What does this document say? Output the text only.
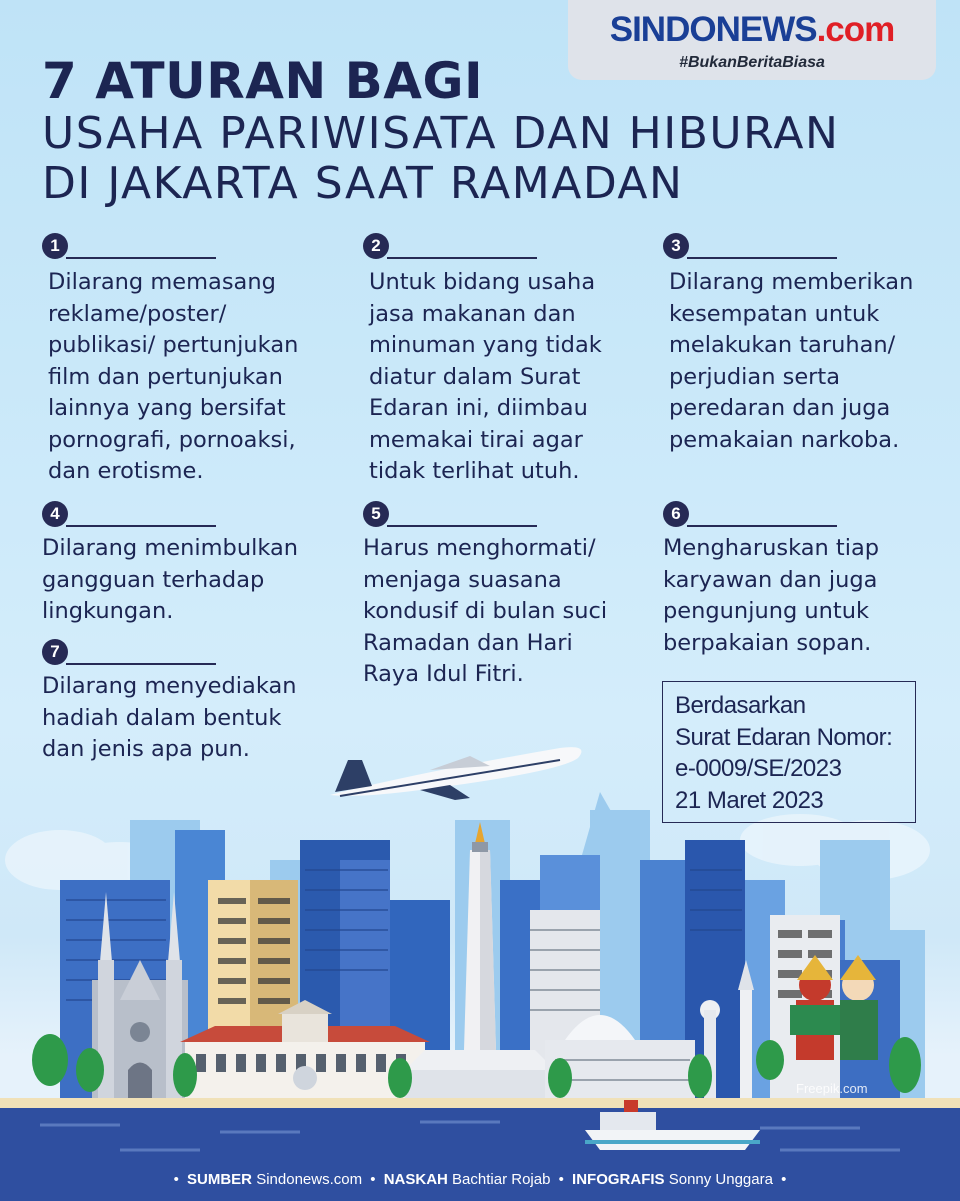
SINDONEWS.com
#BukanBeritaBiasa
7 ATURAN BAGI
USAHA PARIWISATA DAN HIBURAN
DI JAKARTA SAAT RAMADAN
1
Dilarang memasang
reklame/poster/
publikasi/ pertunjukan
film dan pertunjukan
lainnya yang bersifat
pornografi, pornoaksi,
dan erotisme.
2
Untuk bidang usaha
jasa makanan dan
minuman yang tidak
diatur dalam Surat
Edaran ini, diimbau
memakai tirai agar
tidak terlihat utuh.
3
Dilarang memberikan
kesempatan untuk
melakukan taruhan/
perjudian serta
peredaran dan juga
pemakaian narkoba.
4
Dilarang menimbulkan
gangguan terhadap
lingkungan.
5
Harus menghormati/
menjaga suasana
kondusif di bulan suci
Ramadan dan Hari
Raya Idul Fitri.
6
Mengharuskan tiap
karyawan dan juga
pengunjung untuk
berpakaian sopan.
7
Dilarang menyediakan
hadiah dalam bentuk
dan jenis apa pun.
Berdasarkan
Surat Edaran Nomor:
e-0009/SE/2023
21 Maret 2023
Freepik.com
• SUMBER Sindonews.com • NASKAH Bachtiar Rojab • INFOGRAFIS Sonny Unggara •
